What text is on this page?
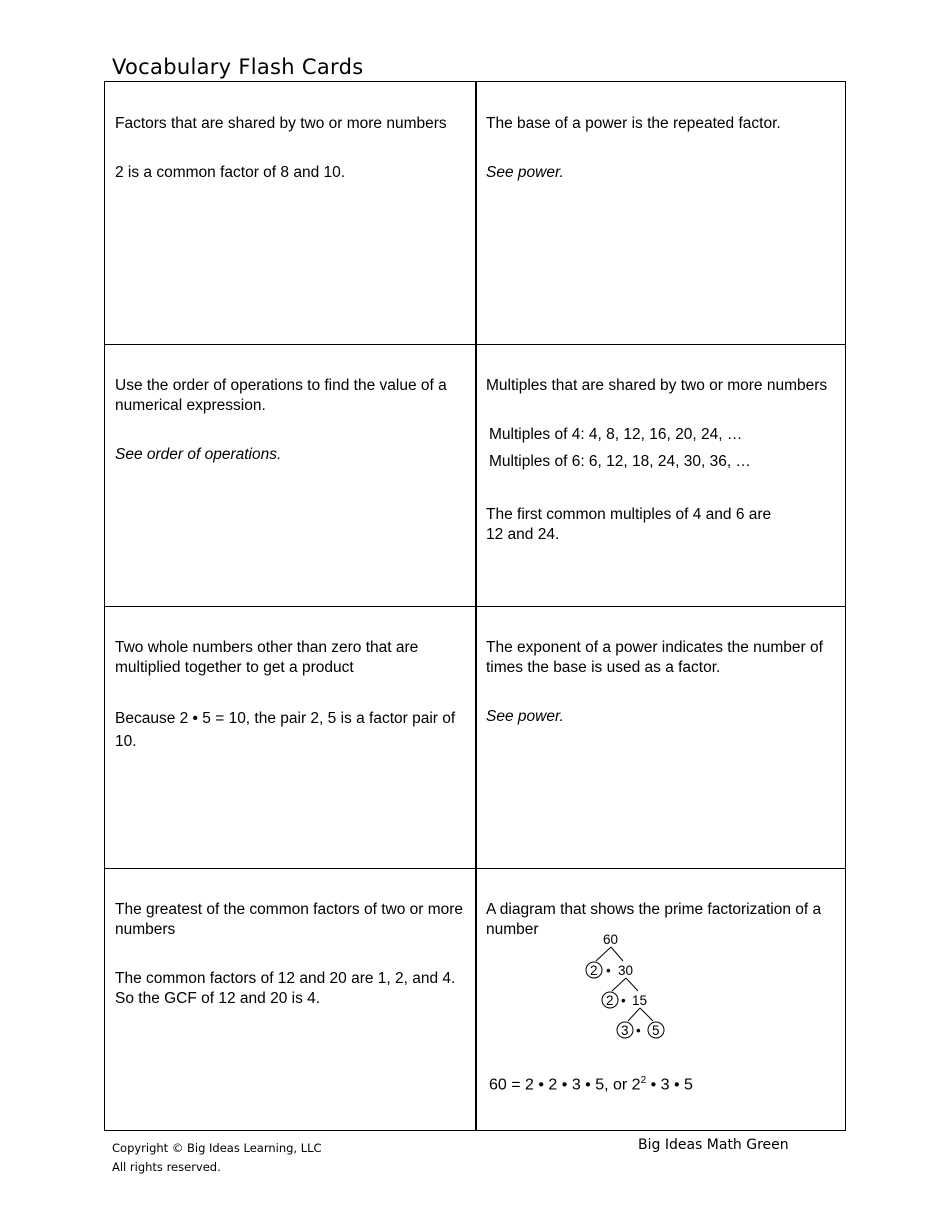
Vocabulary Flash Cards

Factors that are shared by two or more numbers

2 is a common factor of 8 and 10.

The base of a power is the repeated factor.

See power.

Use the order of operations to find the value of a numerical expression.

See order of operations.

Multiples that are shared by two or more numbers

Multiples of 4: 4, 8, 12, 16, 20, 24, …

Multiples of 6: 6, 12, 18, 24, 30, 36, …

The first common multiples of 4 and 6 are 12 and 24.

Two whole numbers other than zero that are multiplied together to get a product

Because 2 • 5 = 10, the pair 2, 5 is a factor pair of 10.

The exponent of a power indicates the number of times the base is used as a factor.

See power.

The greatest of the common factors of two or more numbers

The common factors of 12 and 20 are 1, 2, and 4. So the GCF of 12 and 20 is 4.

A diagram that shows the prime factorization of a number

60
2 • 30
2 • 15
3 • 5
60 = 2 • 2 • 3 • 5, or $2^2$ • 3 • 5
Copyright © Big Ideas Learning, LLC
All rights reserved.
Big Ideas Math Green
